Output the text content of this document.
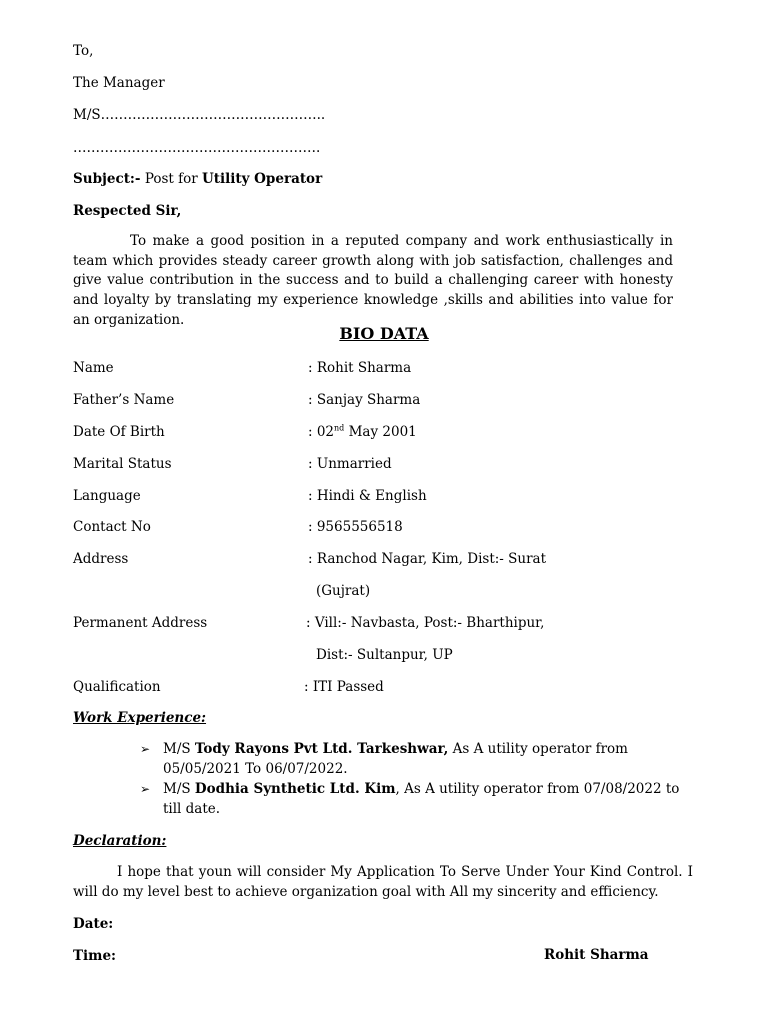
To,
The Manager
M/S…………………………………………..
……………………………………………….
Subject:- Post for Utility Operator
Respected Sir,
To make a good position in a reputed company and work enthusiastically in team which provides steady career growth along with job satisfaction, challenges and give value contribution in the success and to build a challenging career with honesty and loyalty by translating my experience knowledge ,skills and abilities into value for an organization.
BIO DATA
Name	: Rohit Sharma
Father’s Name	: Sanjay Sharma
Date Of Birth	: 02nd May 2001
Marital Status	: Unmarried
Language	: Hindi & English
Contact No	: 9565556518
Address	: Ranchod Nagar, Kim, Dist:- Surat
(Gujrat)
Permanent Address	: Vill:- Navbasta, Post:- Bharthipur,
Dist:- Sultanpur, UP
Qualification	: ITI Passed
Work Experience:
➢ M/S Tody Rayons Pvt Ltd. Tarkeshwar, As A utility operator from 05/05/2021 To 06/07/2022.
➢ M/S Dodhia Synthetic Ltd. Kim, As A utility operator from 07/08/2022 to till date.
Declaration:
I hope that youn will consider My Application To Serve Under Your Kind Control. I will do my level best to achieve organization goal with All my sincerity and efficiency.
Date:
Time:	Rohit Sharma
